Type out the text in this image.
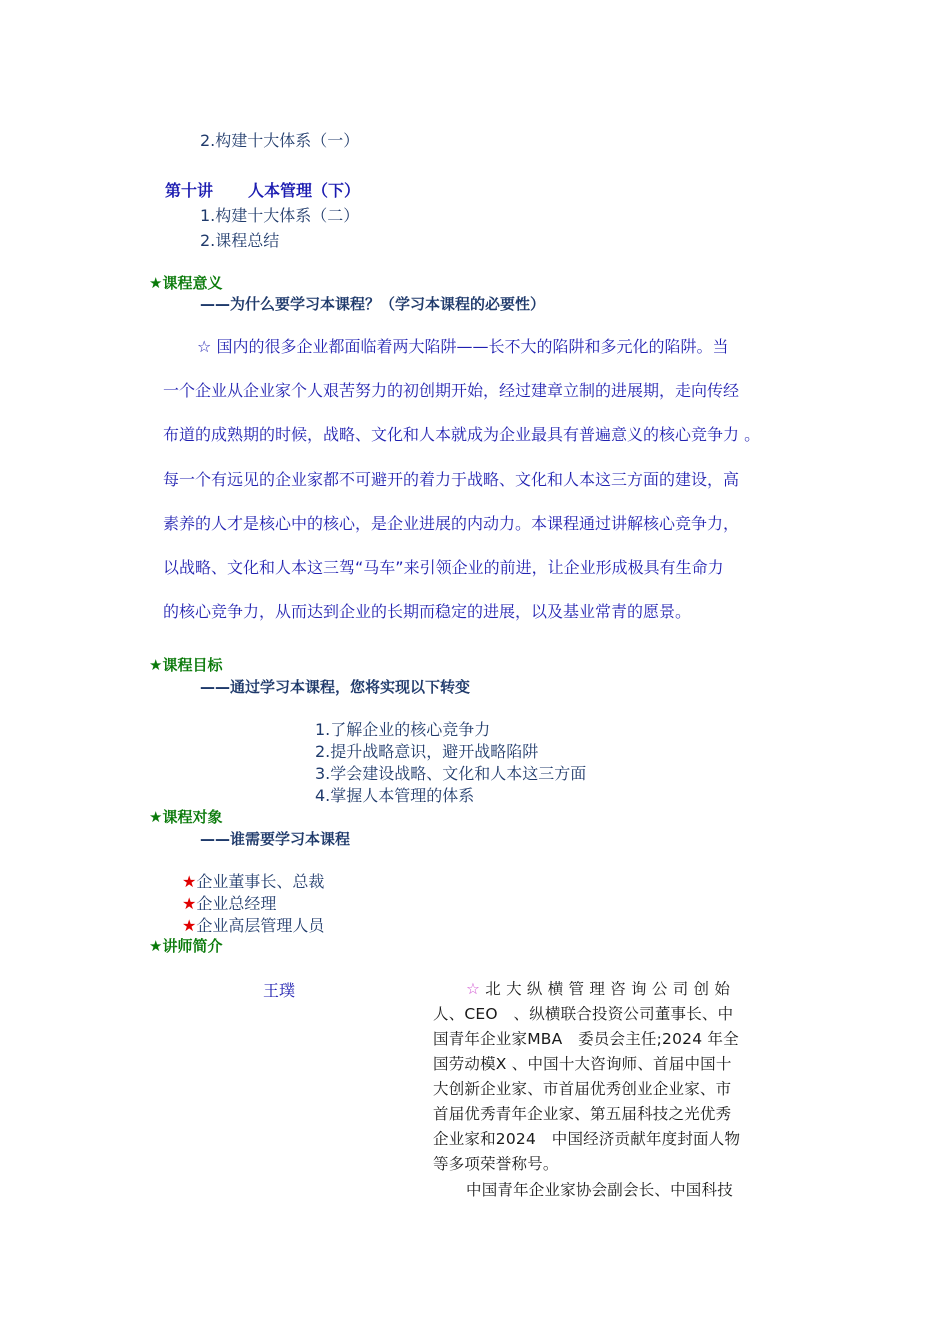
2.构建十大体系（一）
第十讲 人本管理（下）
1.构建十大体系（二）
2.课程总结
★课程意义
——为什么要学习本课程？（学习本课程的必要性）
☆ 国内的很多企业都面临着两大陷阱——长不大的陷阱和多元化的陷阱。当
一个企业从企业家个人艰苦努力的初创期开始，经过建章立制的进展期，走向传经
布道的成熟期的时候，战略、文化和人本就成为企业最具有普遍意义的核心竞争力 。
每一个有远见的企业家都不可避开的着力于战略、文化和人本这三方面的建设，高
素养的人才是核心中的核心，是企业进展的内动力。本课程通过讲解核心竞争力，
以战略、文化和人本这三驾“马车”来引领企业的前进，让企业形成极具有生命力
的核心竞争力，从而达到企业的长期而稳定的进展，以及基业常青的愿景。
★课程目标
——通过学习本课程，您将实现以下转变
1.了解企业的核心竞争力
2.提升战略意识，避开战略陷阱
3.学会建设战略、文化和人本这三方面
4.掌握人本管理的体系
★课程对象
——谁需要学习本课程
★企业董事长、总裁
★企业总经理
★企业高层管理人员
★讲师简介
王璞	☆ 北 大 纵 横 管 理 咨 询 公 司 创 始
人、CEO　、纵横联合投资公司董事长、中
国青年企业家MBA　委员会主任;2024 年全
国劳动模X 、中国十大咨询师、首届中国十
大创新企业家、市首届优秀创业企业家、市
首届优秀青年企业家、第五届科技之光优秀
企业家和2024　中国经济贡献年度封面人物
等多项荣誉称号。
中国青年企业家协会副会长、中国科技
